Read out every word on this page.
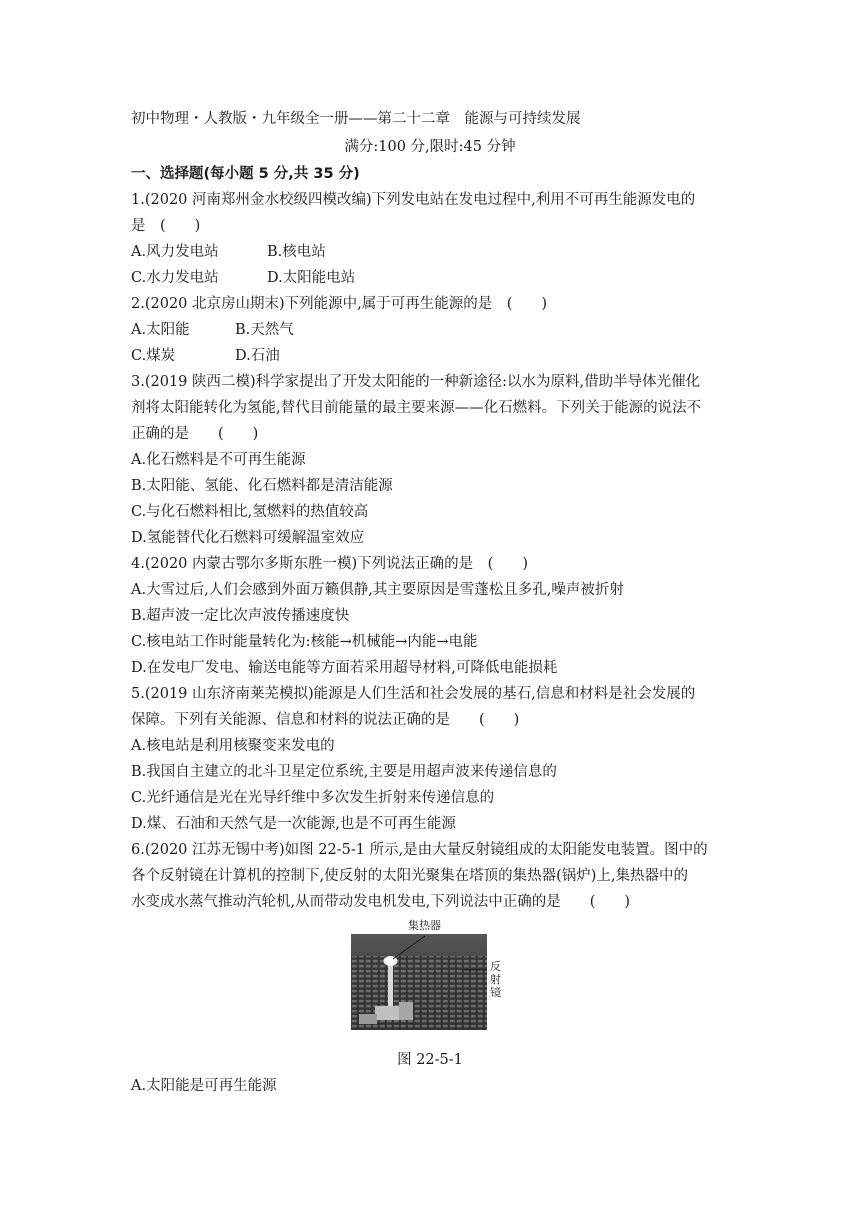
初中物理・人教版・九年级全一册——第二十二章　能源与可持续发展
满分:100 分,限时:45 分钟
一、选择题(每小题 5 分,共 35 分)
1.(2020 河南郑州金水校级四模改编)下列发电站在发电过程中,利用不可再生能源发电的
是　(　　)
A.风力发电站	B.核电站
C.水力发电站	D.太阳能电站
2.(2020 北京房山期末)下列能源中,属于可再生能源的是　(　　)
A.太阳能	B.天然气
C.煤炭	D.石油
3.(2019 陕西二模)科学家提出了开发太阳能的一种新途径:以水为原料,借助半导体光催化
剂将太阳能转化为氢能,替代目前能量的最主要来源——化石燃料。下列关于能源的说法不
正确的是　　(　　)
A.化石燃料是不可再生能源
B.太阳能、氢能、化石燃料都是清洁能源
C.与化石燃料相比,氢燃料的热值较高
D.氢能替代化石燃料可缓解温室效应
4.(2020 内蒙古鄂尔多斯东胜一模)下列说法正确的是　(　　)
A.大雪过后,人们会感到外面万籁俱静,其主要原因是雪蓬松且多孔,噪声被折射
B.超声波一定比次声波传播速度快
C.核电站工作时能量转化为:核能→机械能→内能→电能
D.在发电厂发电、输送电能等方面若采用超导材料,可降低电能损耗
5.(2019 山东济南莱芜模拟)能源是人们生活和社会发展的基石,信息和材料是社会发展的
保障。下列有关能源、信息和材料的说法正确的是　　(　　)
A.核电站是利用核聚变来发电的
B.我国自主建立的北斗卫星定位系统,主要是用超声波来传递信息的
C.光纤通信是光在光导纤维中多次发生折射来传递信息的
D.煤、石油和天然气是一次能源,也是不可再生能源
6.(2020 江苏无锡中考)如图 22-5-1 所示,是由大量反射镜组成的太阳能发电装置。图中的
各个反射镜在计算机的控制下,使反射的太阳光聚集在塔顶的集热器(锅炉)上,集热器中的
水变成水蒸气推动汽轮机,从而带动发电机发电,下列说法中正确的是　　(　　)
集热器
反
射
镜
图 22-5-1
A.太阳能是可再生能源
